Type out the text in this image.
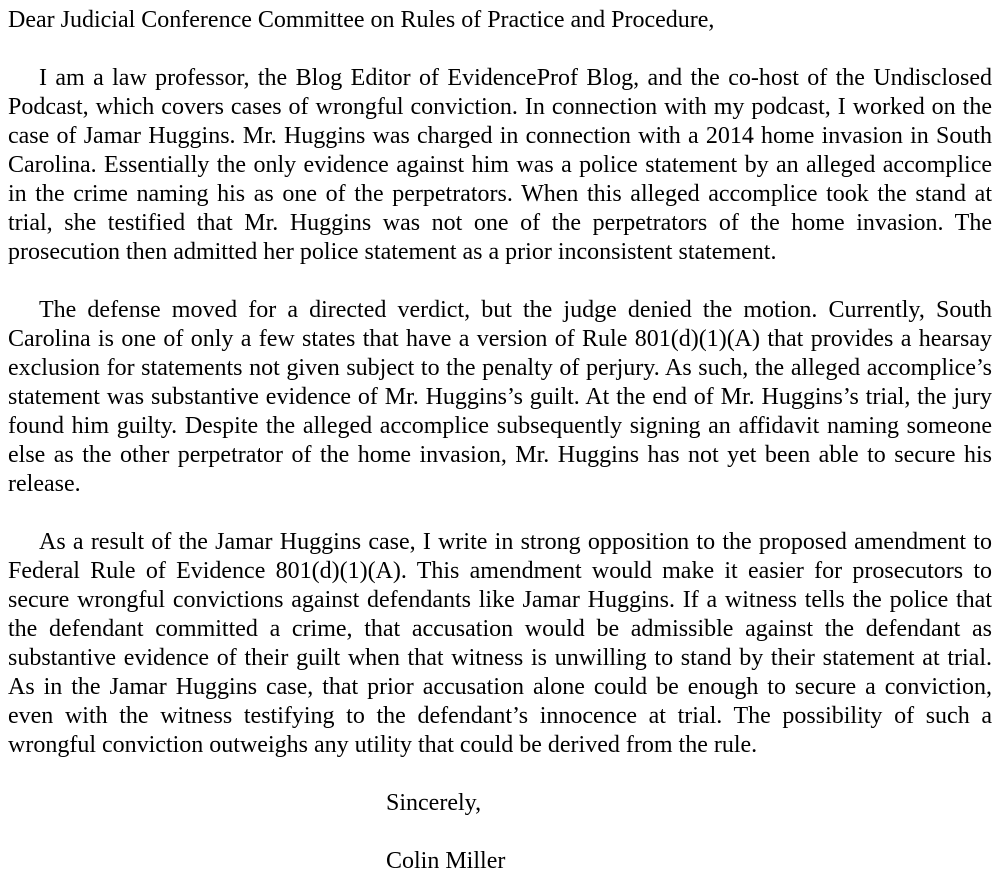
Dear Judicial Conference Committee on Rules of Practice and Procedure,

I am a law professor, the Blog Editor of EvidenceProf Blog, and the co-host of the Undisclosed Podcast, which covers cases of wrongful conviction. In connection with my podcast, I worked on the case of Jamar Huggins. Mr. Huggins was charged in connection with a 2014 home invasion in South Carolina. Essentially the only evidence against him was a police statement by an alleged accomplice in the crime naming his as one of the perpetrators. When this alleged accomplice took the stand at trial, she testified that Mr. Huggins was not one of the perpetrators of the home invasion. The prosecution then admitted her police statement as a prior inconsistent statement.

The defense moved for a directed verdict, but the judge denied the motion. Currently, South Carolina is one of only a few states that have a version of Rule 801(d)(1)(A) that provides a hearsay exclusion for statements not given subject to the penalty of perjury. As such, the alleged accomplice’s statement was substantive evidence of Mr. Huggins’s guilt. At the end of Mr. Huggins’s trial, the jury found him guilty. Despite the alleged accomplice subsequently signing an affidavit naming someone else as the other perpetrator of the home invasion, Mr. Huggins has not yet been able to secure his release.

As a result of the Jamar Huggins case, I write in strong opposition to the proposed amendment to Federal Rule of Evidence 801(d)(1)(A). This amendment would make it easier for prosecutors to secure wrongful convictions against defendants like Jamar Huggins. If a witness tells the police that the defendant committed a crime, that accusation would be admissible against the defendant as substantive evidence of their guilt when that witness is unwilling to stand by their statement at trial. As in the Jamar Huggins case, that prior accusation alone could be enough to secure a conviction, even with the witness testifying to the defendant’s innocence at trial. The possibility of such a wrongful conviction outweighs any utility that could be derived from the rule.

Sincerely,

Colin Miller
